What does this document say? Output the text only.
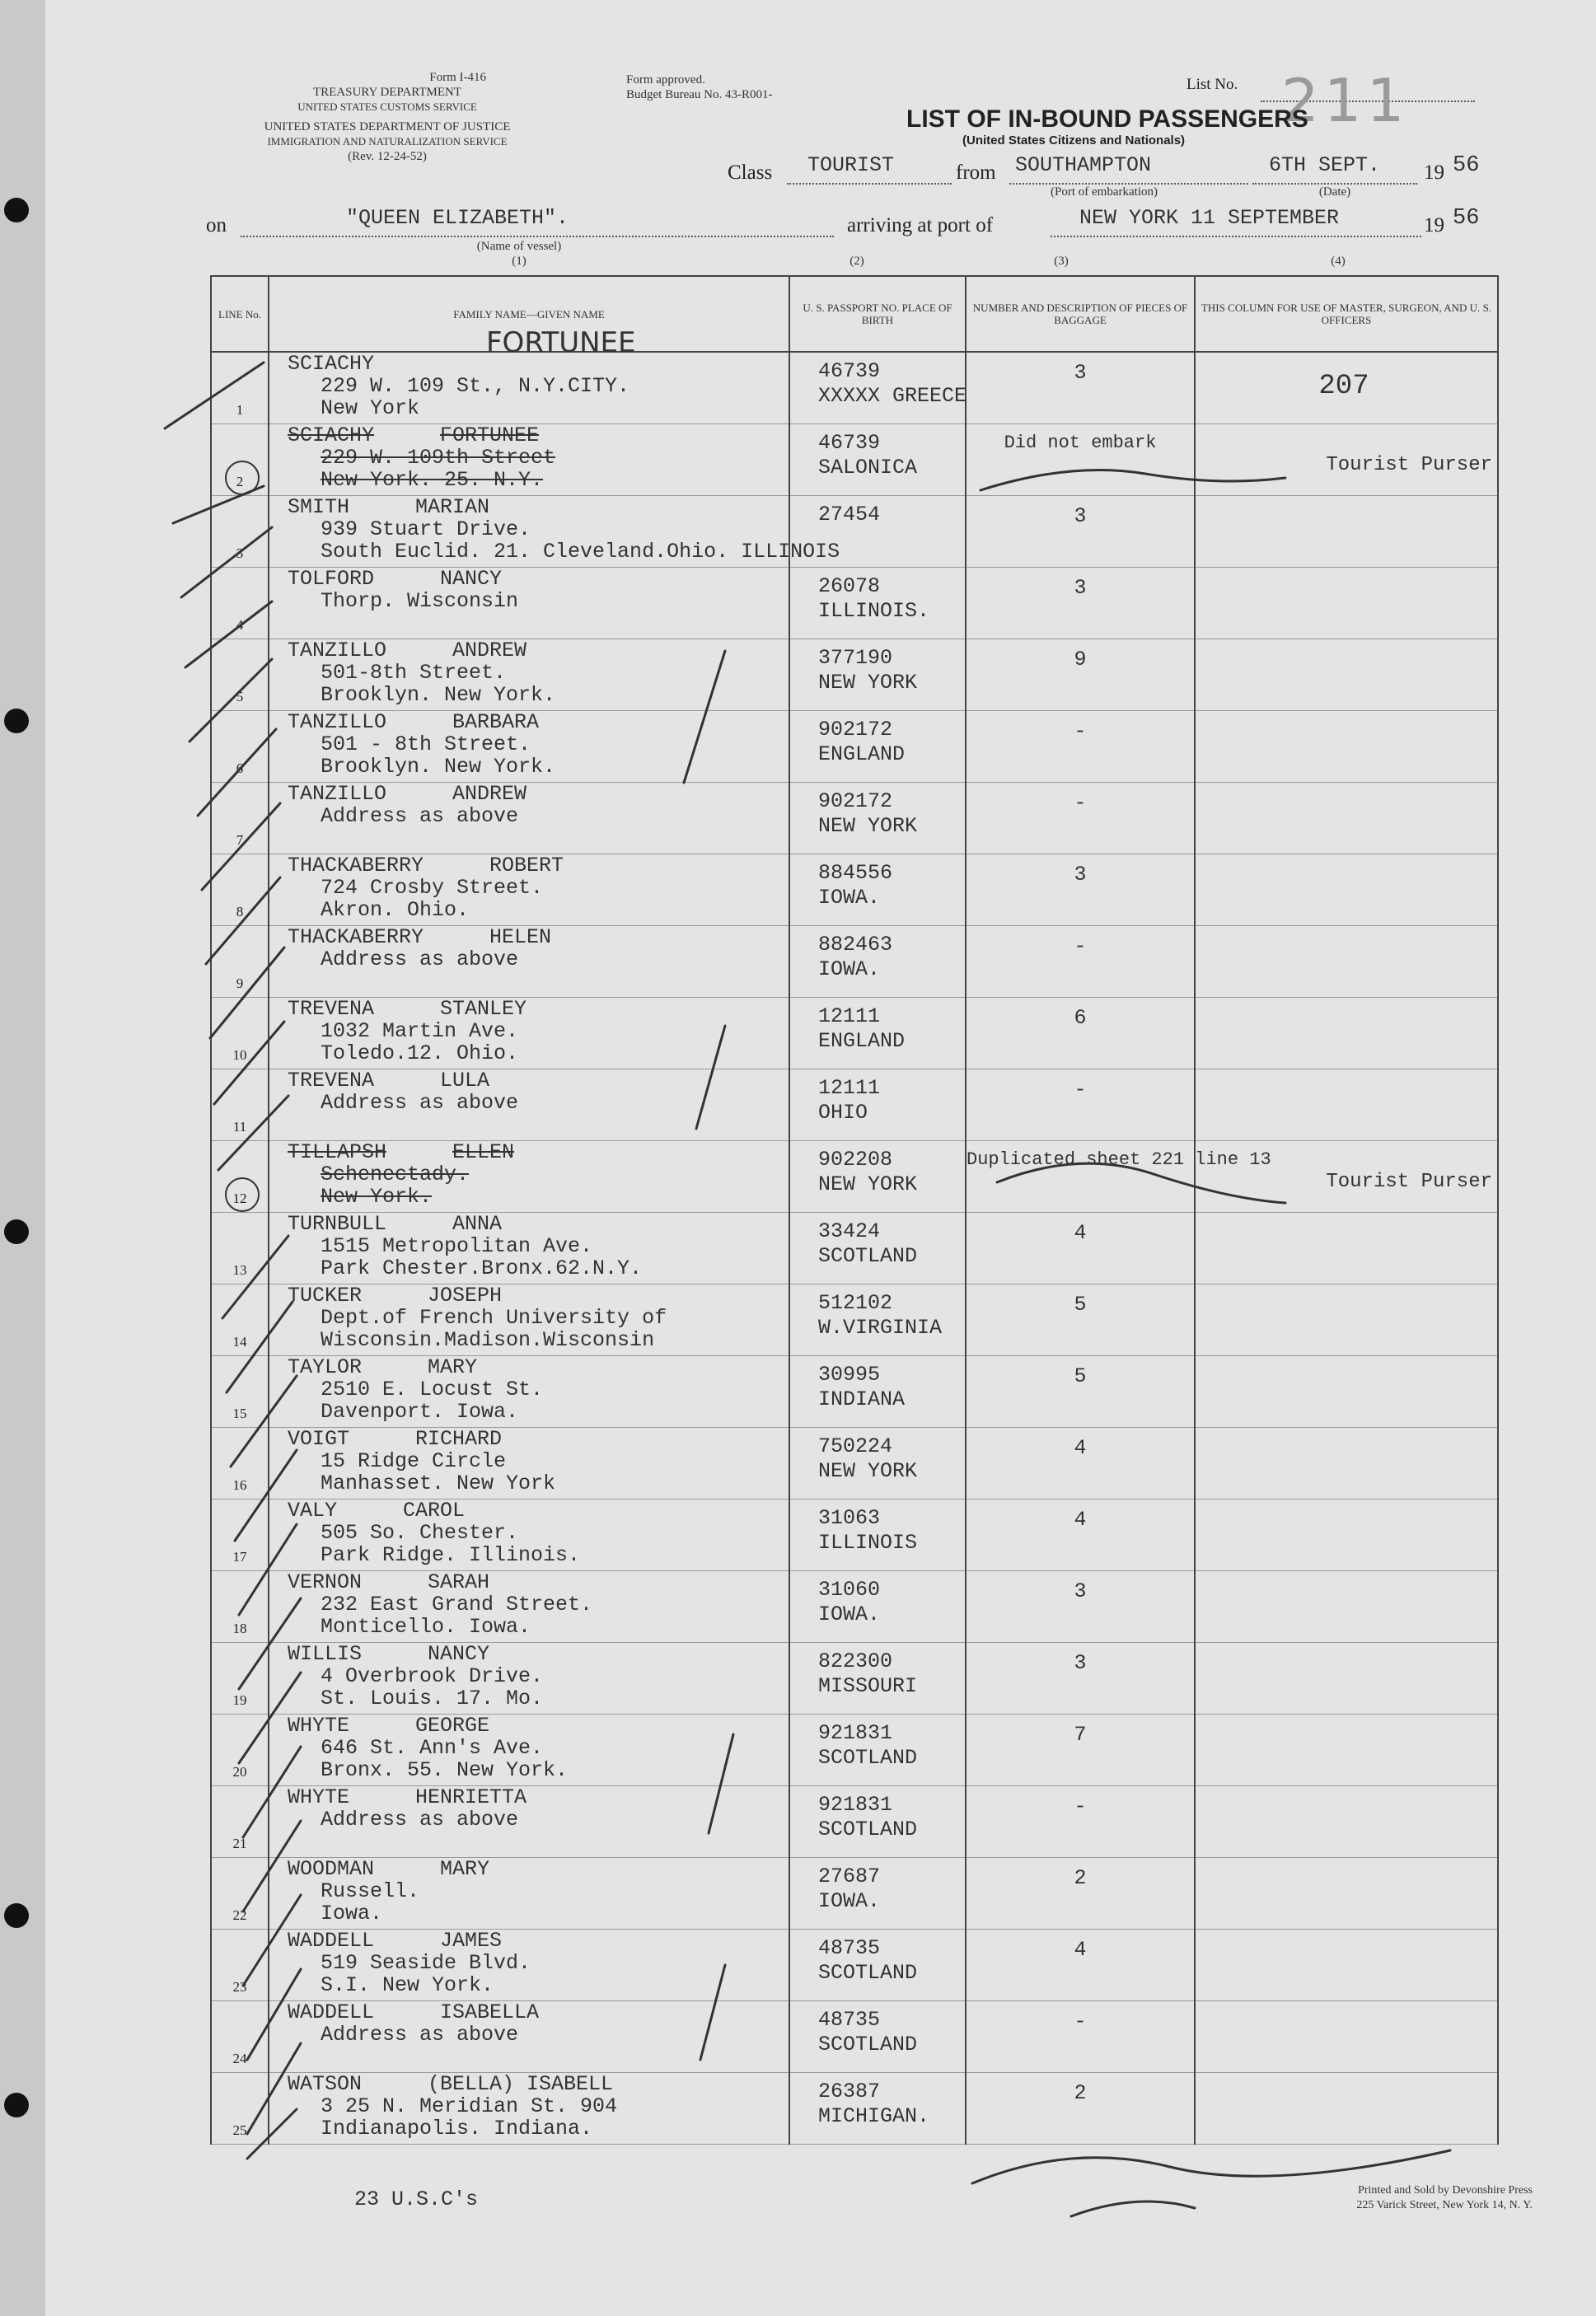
Form I-416
TREASURY DEPARTMENT
UNITED STATES CUSTOMS SERVICE
UNITED STATES DEPARTMENT OF JUSTICE
IMMIGRATION AND NATURALIZATION SERVICE
(Rev. 12-24-52)
Form approved.
Budget Bureau No. 43-R001-
List No. 211
LIST OF IN-BOUND PASSENGERS
(United States Citizens and Nationals)
Class TOURIST	from SOUTHAMPTON
(Port of embarkation)
6TH SEPT.
(Date)
19 56
on	"QUEEN ELIZABETH".
(Name of vessel)
(1)
arriving at port of	NEW YORK 11 SEPTEMBER	19 56
(2)	(3)	(4)
LINE No.	FAMILY NAME—GIVEN NAME	U. S. PASSPORT NO. PLACE OF BIRTH	NUMBER AND DESCRIPTION OF PIECES OF BAGGAGE	THIS COLUMN FOR USE OF MASTER, SURGEON, AND U. S. OFFICERS

1	SCIACHY
229 W. 109 St., N.Y.CITY.
New York	46739
XXXXX GREECE	3	207

2	SCIACHY FORTUNEE
229 W. 109th Street
New York. 25. N.Y.	46739
SALONICA	Did not embark	Tourist Purser

3	SMITH MARIAN
939 Stuart Drive.
South Euclid. 21. Cleveland.Ohio. ILLINOIS	27454	3	

4	TOLFORD NANCY
Thorp. Wisconsin	26078
ILLINOIS.	3	

5	TANZILLO ANDREW
501-8th Street.
Brooklyn. New York.	377190
NEW YORK	9	

6	TANZILLO BARBARA
501 - 8th Street.
Brooklyn. New York.	902172
ENGLAND	-	

7	TANZILLO ANDREW
Address as above	902172
NEW YORK	-	

8	THACKABERRY ROBERT
724 Crosby Street.
Akron. Ohio.	884556
IOWA.	3	

9	THACKABERRY HELEN
Address as above	882463
IOWA.	-	

10	TREVENA STANLEY
1032 Martin Ave.
Toledo.12. Ohio.	12111
ENGLAND	6	

11	TREVENA LULA
Address as above	12111
OHIO	-	

12	TILLAPSH ELLEN
Schenectady.
New York.	902208
NEW YORK	Duplicated sheet 221 line 13	Tourist Purser

13	TURNBULL ANNA
1515 Metropolitan Ave.
Park Chester.Bronx.62.N.Y.	33424
SCOTLAND	4	

14	TUCKER JOSEPH
Dept.of French University of
Wisconsin.Madison.Wisconsin	512102
W.VIRGINIA	5	

15	TAYLOR MARY
2510 E. Locust St.
Davenport. Iowa.	30995
INDIANA	5	

16	VOIGT RICHARD
15 Ridge Circle
Manhasset. New York	750224
NEW YORK	4	

17	VALY CAROL
505 So. Chester.
Park Ridge. Illinois.	31063
ILLINOIS	4	

18	VERNON SARAH
232 East Grand Street.
Monticello. Iowa.	31060
IOWA.	3	

19	WILLIS NANCY
4 Overbrook Drive.
St. Louis. 17. Mo.	822300
MISSOURI	3	

20	WHYTE GEORGE
646 St. Ann's Ave.
Bronx. 55. New York.	921831
SCOTLAND	7	

21	WHYTE HENRIETTA
Address as above	921831
SCOTLAND	-	

22	WOODMAN MARY
Russell.
Iowa.	27687
IOWA.	2	

23	WADDELL JAMES
519 Seaside Blvd.
S.I. New York.	48735
SCOTLAND	4	

24	WADDELL ISABELLA
Address as above	48735
SCOTLAND	-	

25	WATSON (BELLA) ISABELL
3 25 N. Meridian St. 904
Indianapolis. Indiana.	26387
MICHIGAN.	2	

FORTUNEE
23 U.S.C's	Printed and Sold by Devonshire Press
225 Varick Street, New York 14, N. Y.
